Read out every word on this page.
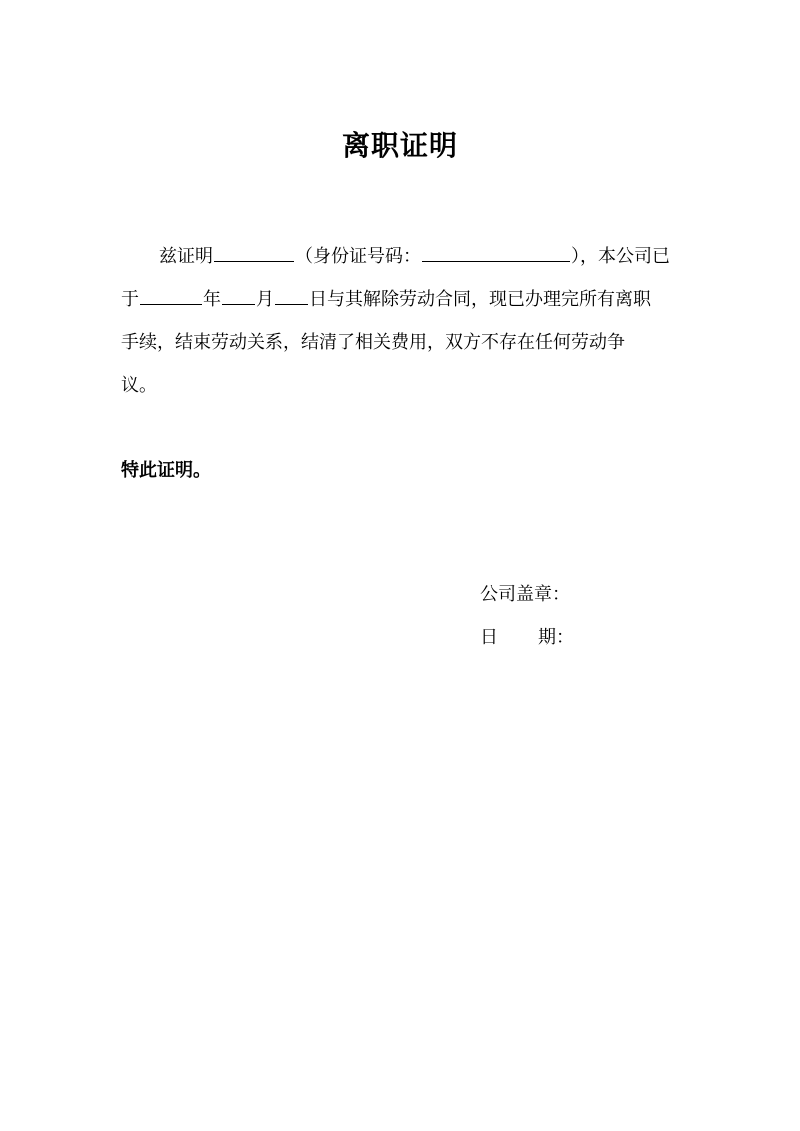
离职证明
兹证明	（身份证号码：	），本公司已
于	年 月 日与其解除劳动合同，现已办理完所有离职
手续，结束劳动关系，结清了相关费用，双方不存在任何劳动争
议。
特此证明。
公司盖章：
日 期：
